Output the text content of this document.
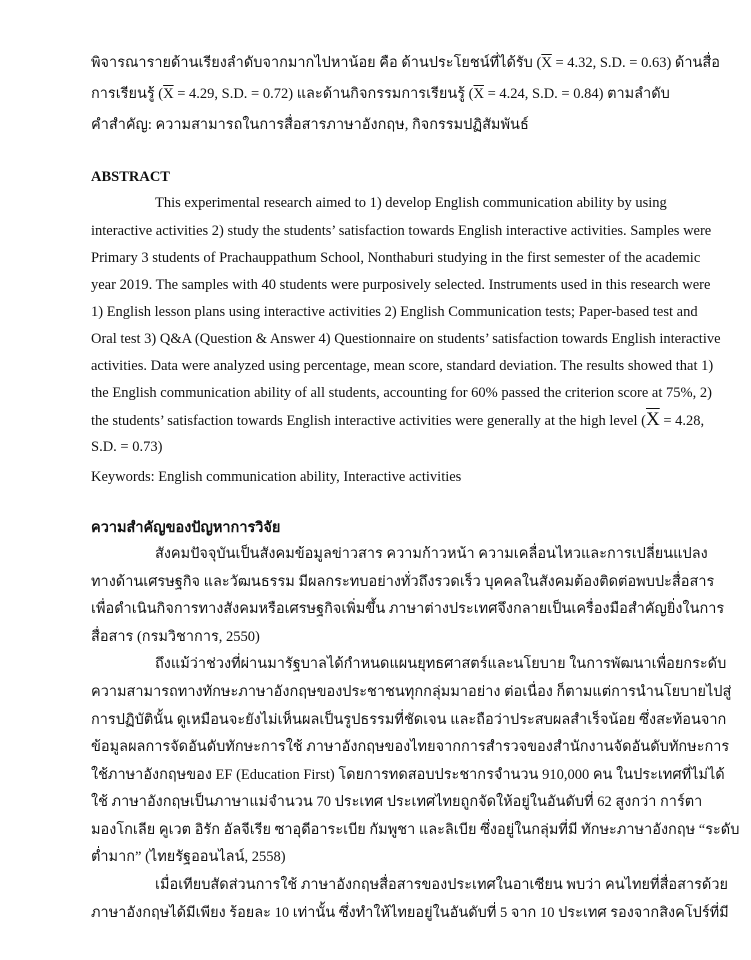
พิจารณารายด้านเรียงลำดับจากมากไปหาน้อย คือ ด้านประโยชน์ที่ได้รับ ($\overline{X} = 4.32$, S.D. = 0.63) ด้านสื่อ
การเรียนรู้ ($\overline{X} = 4.29$, S.D. = 0.72) และด้านกิจกรรมการเรียนรู้ ($\overline{X} = 4.24$, S.D. = 0.84) ตามลำดับ
คำสำคัญ: ความสามารถในการสื่อสารภาษาอังกฤษ, กิจกรรมปฏิสัมพันธ์
ABSTRACT
This experimental research aimed to 1) develop English communication ability by using
interactive activities 2) study the students’ satisfaction towards English interactive activities. Samples were
Primary 3 students of Prachauppathum School, Nonthaburi studying in the first semester of the academic
year 2019. The samples with 40 students were purposively selected. Instruments used in this research were
1) English lesson plans using interactive activities 2) English Communication tests; Paper-based test and
Oral test 3) Q&A (Question & Answer 4) Questionnaire on students’ satisfaction towards English interactive
activities. Data were analyzed using percentage, mean score, standard deviation. The results showed that 1)
the English communication ability of all students, accounting for 60% passed the criterion score at 75%, 2)
the students’ satisfaction towards English interactive activities were generally at the high level ($\overline{X} = 4.28$,
S.D. = 0.73)
Keywords: English communication ability, Interactive activities
ความสำคัญของปัญหาการวิจัย
สังคมปัจจุบันเป็นสังคมข้อมูลข่าวสาร ความก้าวหน้า ความเคลื่อนไหวและการเปลี่ยนแปลง
ทางด้านเศรษฐกิจ และวัฒนธรรม มีผลกระทบอย่างทั่วถึงรวดเร็ว บุคคลในสังคมต้องติดต่อพบปะสื่อสาร
เพื่อดำเนินกิจการทางสังคมหรือเศรษฐกิจเพิ่มขึ้น ภาษาต่างประเทศจึงกลายเป็นเครื่องมือสำคัญยิ่งในการ
สื่อสาร (กรมวิชาการ, 2550)
ถึงแม้ว่าช่วงที่ผ่านมารัฐบาลได้กำหนดแผนยุทธศาสตร์และนโยบาย ในการพัฒนาเพื่อยกระดับ
ความสามารถทางทักษะภาษาอังกฤษของประชาชนทุกกลุ่มมาอย่าง ต่อเนื่อง ก็ตามแต่การนำนโยบายไปสู่
การปฏิบัตินั้น ดูเหมือนจะยังไม่เห็นผลเป็นรูปธรรมที่ชัดเจน และถือว่าประสบผลสำเร็จน้อย ซึ่งสะท้อนจาก
ข้อมูลผลการจัดอันดับทักษะการใช้ ภาษาอังกฤษของไทยจากการสำรวจของสำนักงานจัดอันดับทักษะการ
ใช้ภาษาอังกฤษของ EF (Education First) โดยการทดสอบประชากรจำนวน 910,000 คน ในประเทศที่ไม่ได้
ใช้ ภาษาอังกฤษเป็นภาษาแม่จำนวน 70 ประเทศ ประเทศไทยถูกจัดให้อยู่ในอันดับที่ 62 สูงกว่า การ์ตา
มองโกเลีย คูเวต อิรัก อัลจีเรีย ซาอุดีอาระเบีย กัมพูชา และลิเบีย ซึ่งอยู่ในกลุ่มที่มี ทักษะภาษาอังกฤษ “ระดับ
ต่ำมาก” (ไทยรัฐออนไลน์, 2558)
เมื่อเทียบสัดส่วนการใช้ ภาษาอังกฤษสื่อสารของประเทศในอาเซียน พบว่า คนไทยที่สื่อสารด้วย
ภาษาอังกฤษได้มีเพียง ร้อยละ 10 เท่านั้น ซึ่งทำให้ไทยอยู่ในอันดับที่ 5 จาก 10 ประเทศ รองจากสิงคโปร์ที่มี
